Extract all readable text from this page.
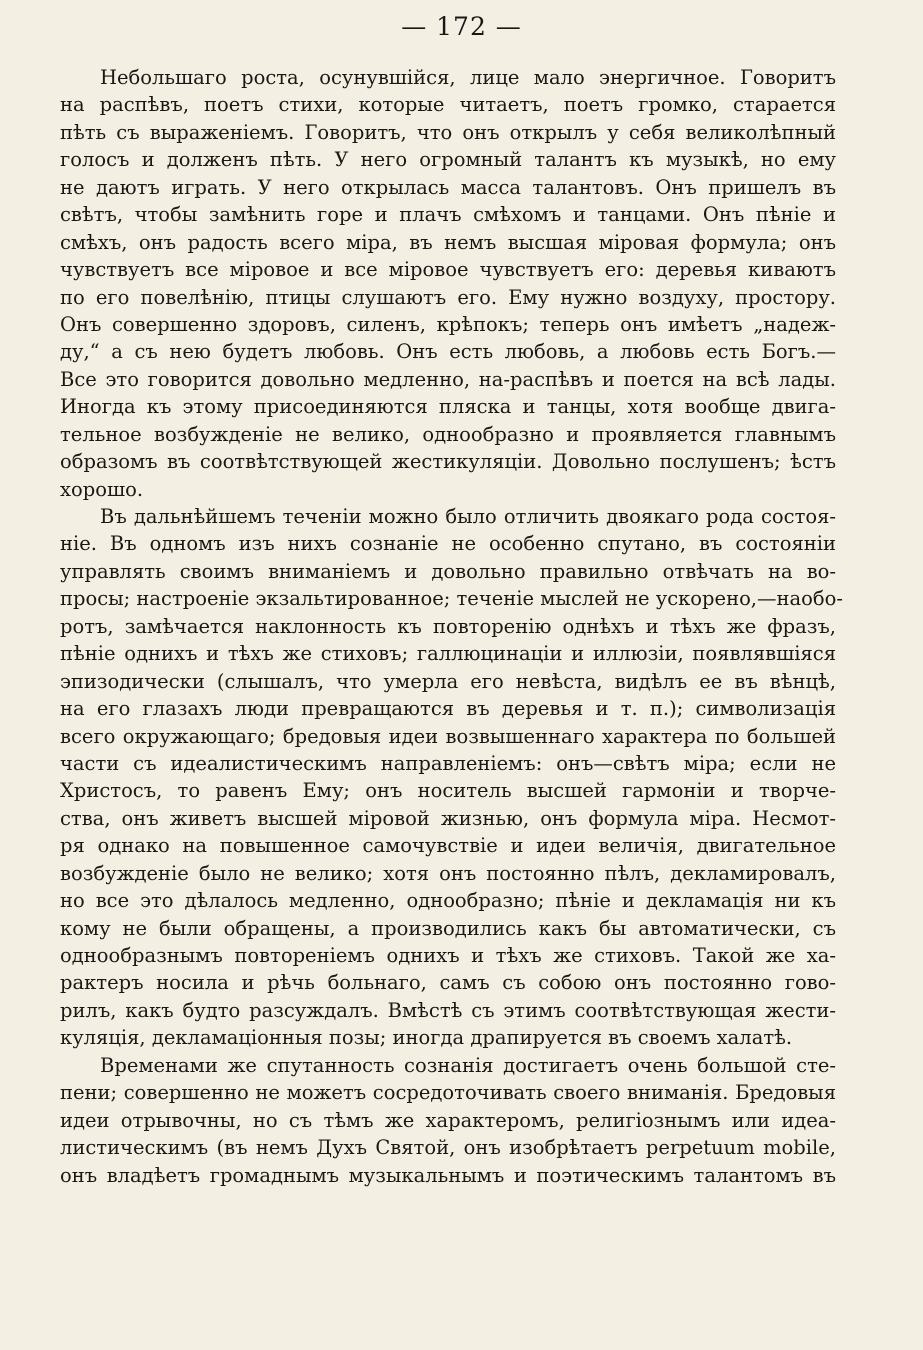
— 172 —
Небольшаго роста, осунувшійся, лице мало энергичное. Говоритъ
на распѣвъ, поетъ стихи, которые читаетъ, поетъ громко, старается
пѣть съ выраженіемъ. Говоритъ, что онъ открылъ у себя великолѣпный
голосъ и долженъ пѣть. У него огромный талантъ къ музыкѣ, но ему
не даютъ играть. У него открылась масса талантовъ. Онъ пришелъ въ
свѣтъ, чтобы замѣнить горе и плачъ смѣхомъ и танцами. Онъ пѣніе и
смѣхъ, онъ радость всего міра, въ немъ высшая міровая формула; онъ
чувствуетъ все міровое и все міровое чувствуетъ его: деревья киваютъ
по его повелѣнію, птицы слушаютъ его. Ему нужно воздуху, простору.
Онъ совершенно здоровъ, силенъ, крѣпокъ; теперь онъ имѣетъ „надеж-
ду,“ а съ нею будетъ любовь. Онъ есть любовь, а любовь есть Богъ.—
Все это говорится довольно медленно, на-распѣвъ и поется на всѣ лады.
Иногда къ этому присоединяются пляска и танцы, хотя вообще двига-
тельное возбужденіе не велико, однообразно и проявляется главнымъ
образомъ въ соотвѣтствующей жестикуляціи. Довольно послушенъ; ѣстъ
хорошо.
Въ дальнѣйшемъ теченіи можно было отличить двоякаго рода состоя-
ніе. Въ одномъ изъ нихъ сознаніе не особенно спутано, въ состояніи
управлять своимъ вниманіемъ и довольно правильно отвѣчать на во-
просы; настроеніе экзальтированное; теченіе мыслей не ускорено,—наобо-
ротъ, замѣчается наклонность къ повторенію однѣхъ и тѣхъ же фразъ,
пѣніе однихъ и тѣхъ же стиховъ; галлюцинаціи и иллюзіи, появлявшіяся
эпизодически (слышалъ, что умерла его невѣста, видѣлъ ее въ вѣнцѣ,
на его глазахъ люди превращаются въ деревья и т. п.); символизація
всего окружающаго; бредовыя идеи возвышеннаго характера по большей
части съ идеалистическимъ направленіемъ: онъ—свѣтъ міра; если не
Христосъ, то равенъ Ему; онъ носитель высшей гармоніи и творче-
ства, онъ живетъ высшей міровой жизнью, онъ формула міра. Несмот-
ря однако на повышенное самочувствіе и идеи величія, двигательное
возбужденіе было не велико; хотя онъ постоянно пѣлъ, декламировалъ,
но все это дѣлалось медленно, однообразно; пѣніе и декламація ни къ
кому не были обращены, а производились какъ бы автоматически, съ
однообразнымъ повтореніемъ однихъ и тѣхъ же стиховъ. Такой же ха-
рактеръ носила и рѣчь больнаго, самъ съ собою онъ постоянно гово-
рилъ, какъ будто разсуждалъ. Вмѣстѣ съ этимъ соотвѣтствующая жести-
куляція, декламаціонныя позы; иногда драпируется въ своемъ халатѣ.
Временами же спутанность сознанія достигаетъ очень большой сте-
пени; совершенно не можетъ сосредоточивать своего вниманія. Бредовыя
идеи отрывочны, но съ тѣмъ же характеромъ, религіознымъ или идеа-
листическимъ (въ немъ Духъ Святой, онъ изобрѣтаетъ perpetuum mobile,
онъ владѣетъ громаднымъ музыкальнымъ и поэтическимъ талантомъ въ
